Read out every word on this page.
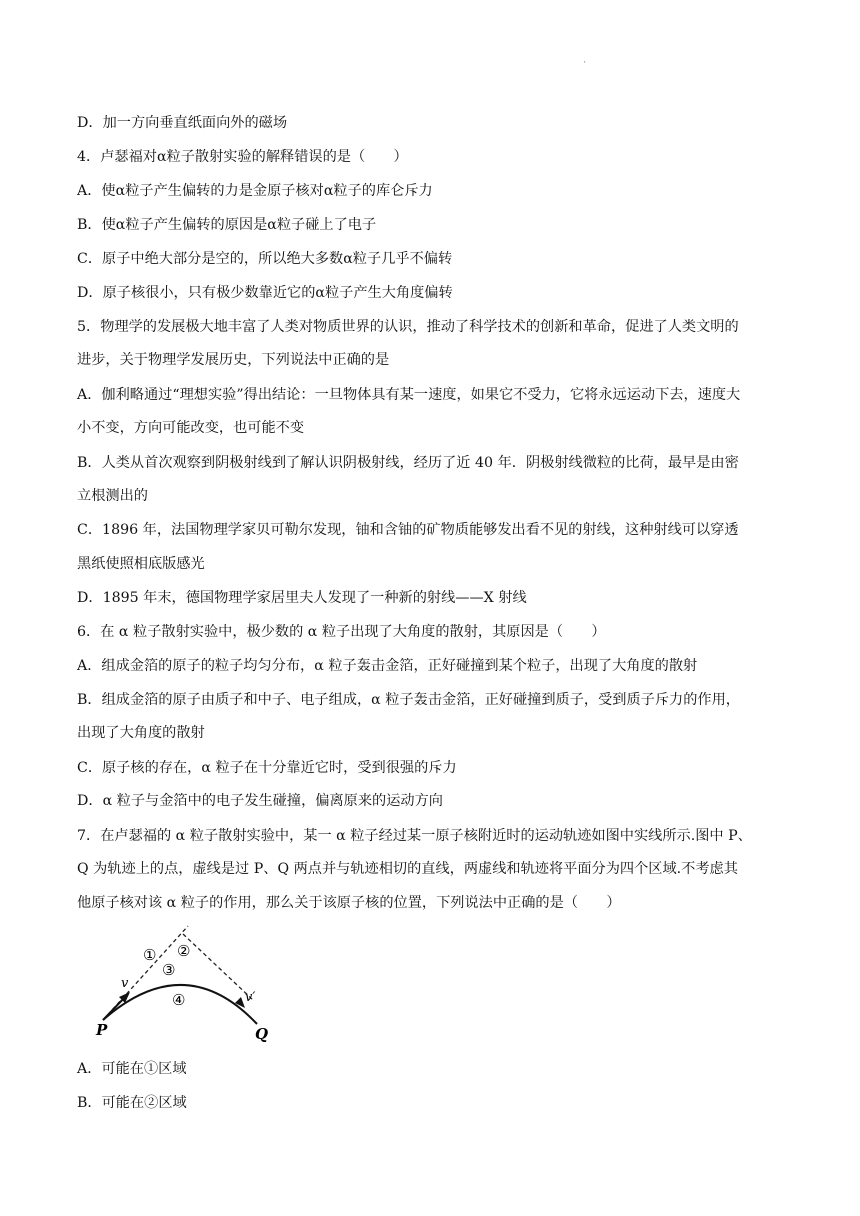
'
D．加一方向垂直纸面向外的磁场
4．卢瑟福对α粒子散射实验的解释错误的是（　　）
A．使α粒子产生偏转的力是金原子核对α粒子的库仑斥力
B．使α粒子产生偏转的原因是α粒子碰上了电子
C．原子中绝大部分是空的，所以绝大多数α粒子几乎不偏转
D．原子核很小，只有极少数靠近它的α粒子产生大角度偏转
5．物理学的发展极大地丰富了人类对物质世界的认识，推动了科学技术的创新和革命，促进了人类文明的
进步，关于物理学发展历史，下列说法中正确的是
A．伽利略通过“理想实验”得出结论：一旦物体具有某一速度，如果它不受力，它将永远运动下去，速度大
小不变，方向可能改变，也可能不变
B．人类从首次观察到阴极射线到了解认识阴极射线，经历了近 40 年．阴极射线微粒的比荷，最早是由密
立根测出的
C．1896 年，法国物理学家贝可勒尔发现，铀和含铀的矿物质能够发出看不见的射线，这种射线可以穿透
黑纸使照相底版感光
D．1895 年末，德国物理学家居里夫人发现了一种新的射线——X 射线
6．在 α 粒子散射实验中，极少数的 α 粒子出现了大角度的散射，其原因是（　　）
A．组成金箔的原子的粒子均匀分布，α 粒子轰击金箔，正好碰撞到某个粒子，出现了大角度的散射
B．组成金箔的原子由质子和中子、电子组成，α 粒子轰击金箔，正好碰撞到质子，受到质子斥力的作用，
出现了大角度的散射
C．原子核的存在，α 粒子在十分靠近它时，受到很强的斥力
D．α 粒子与金箔中的电子发生碰撞，偏离原来的运动方向
7．在卢瑟福的 α 粒子散射实验中，某一 α 粒子经过某一原子核附近时的运动轨迹如图中实线所示.图中 P、
Q 为轨迹上的点，虚线是过 P、Q 两点并与轨迹相切的直线，两虚线和轨迹将平面分为四个区域.不考虑其
他原子核对该 α 粒子的作用，那么关于该原子核的位置，下列说法中正确的是（　　）
P	Q
v
v′
① ②
③
④
A．可能在①区域
B．可能在②区域
